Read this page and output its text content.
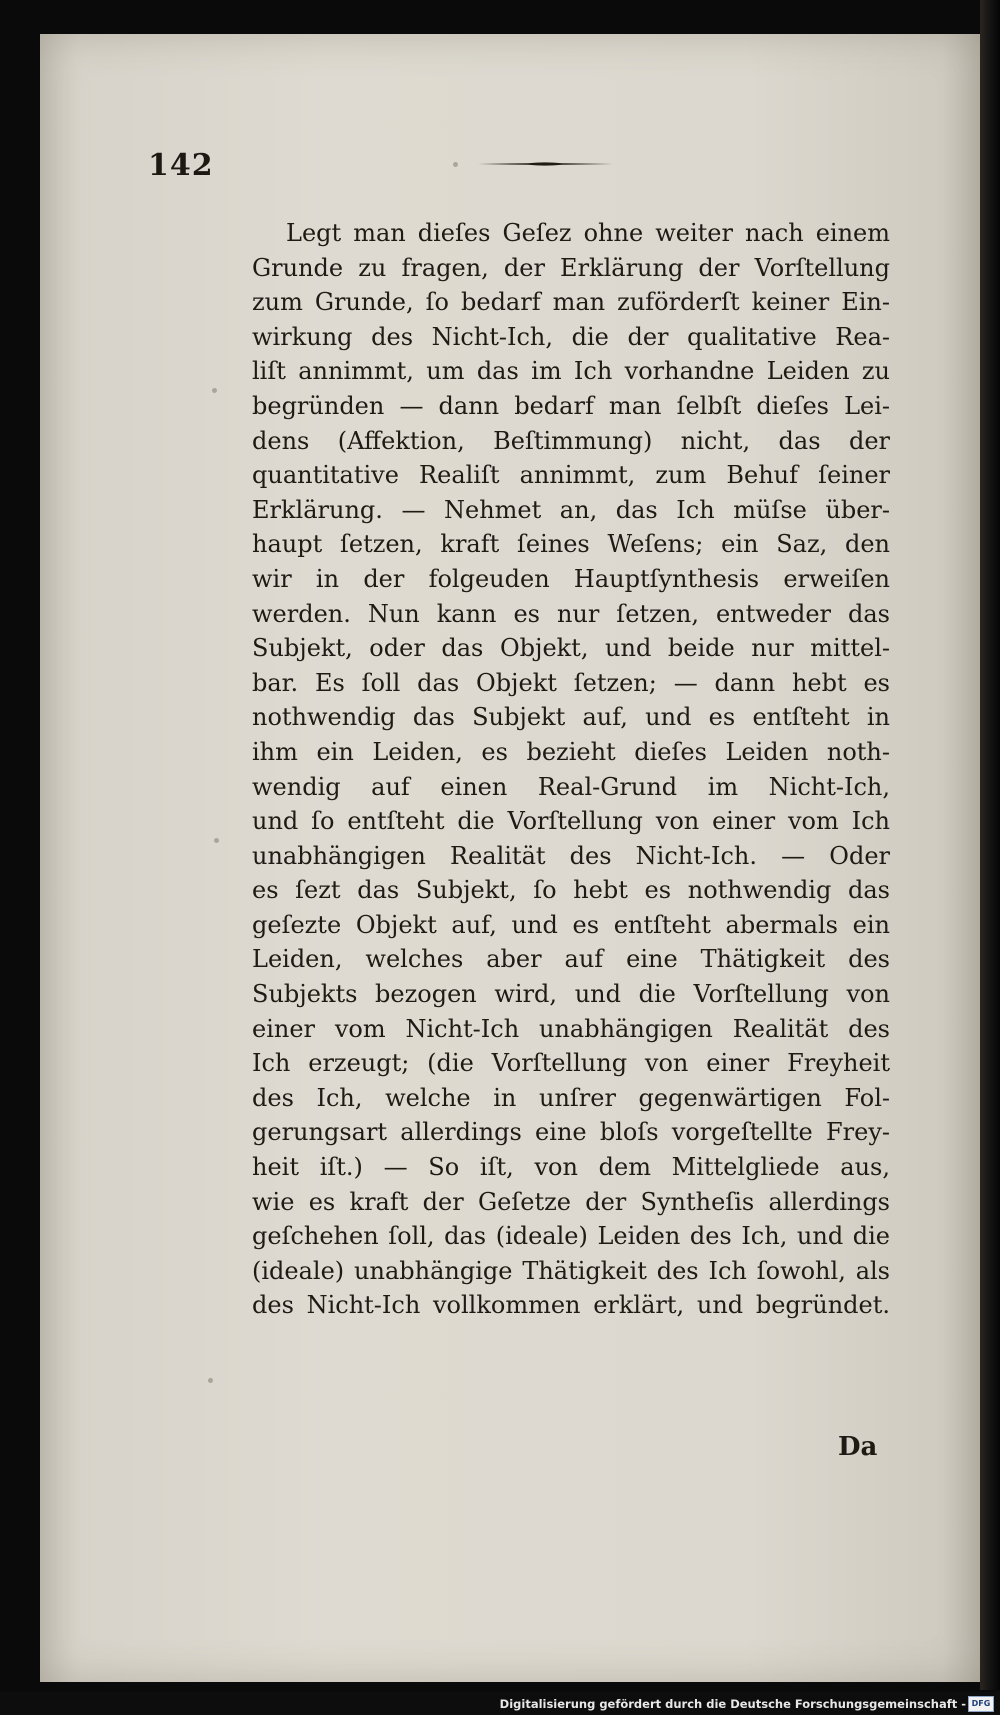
142
Legt man dieſes Geſez ohne weiter nach einem
Grunde zu fragen, der Erklärung der Vorſtellung
zum Grunde, ſo bedarf man zuförderſt keiner Ein-
wirkung des Nicht-Ich, die der qualitative Rea-
liſt annimmt, um das im Ich vorhandne Leiden zu
begründen — dann bedarf man ſelbſt dieſes Lei-
dens (Affektion, Beſtimmung) nicht, das der
quantitative Realiſt annimmt, zum Behuf ſeiner
Erklärung. — Nehmet an, das Ich müſse über-
haupt ſetzen, kraft ſeines Weſens; ein Saz, den
wir in der folgeuden Hauptſynthesis erweiſen
werden. Nun kann es nur ſetzen, entweder das
Subjekt, oder das Objekt, und beide nur mittel-
bar. Es ſoll das Objekt ſetzen; — dann hebt es
nothwendig das Subjekt auf, und es entſteht in
ihm ein Leiden, es bezieht dieſes Leiden noth-
wendig auf einen Real-Grund im Nicht-Ich,
und ſo entſteht die Vorſtellung von einer vom Ich
unabhängigen Realität des Nicht-Ich. — Oder
es ſezt das Subjekt, ſo hebt es nothwendig das
geſezte Objekt auf, und es entſteht abermals ein
Leiden, welches aber auf eine Thätigkeit des
Subjekts bezogen wird, und die Vorſtellung von
einer vom Nicht-Ich unabhängigen Realität des
Ich erzeugt; (die Vorſtellung von einer Freyheit
des Ich, welche in unſrer gegenwärtigen Fol-
gerungsart allerdings eine bloſs vorgeſtellte Frey-
heit iſt.) — So iſt, von dem Mittelgliede aus,
wie es kraft der Geſetze der Syntheſis allerdings
geſchehen ſoll, das (ideale) Leiden des Ich, und die
(ideale) unabhängige Thätigkeit des Ich ſowohl, als
des Nicht-Ich vollkommen erklärt, und begründet.
Da
Digitalisierung gefördert durch die Deutsche Forschungsgemeinschaft - DFG
